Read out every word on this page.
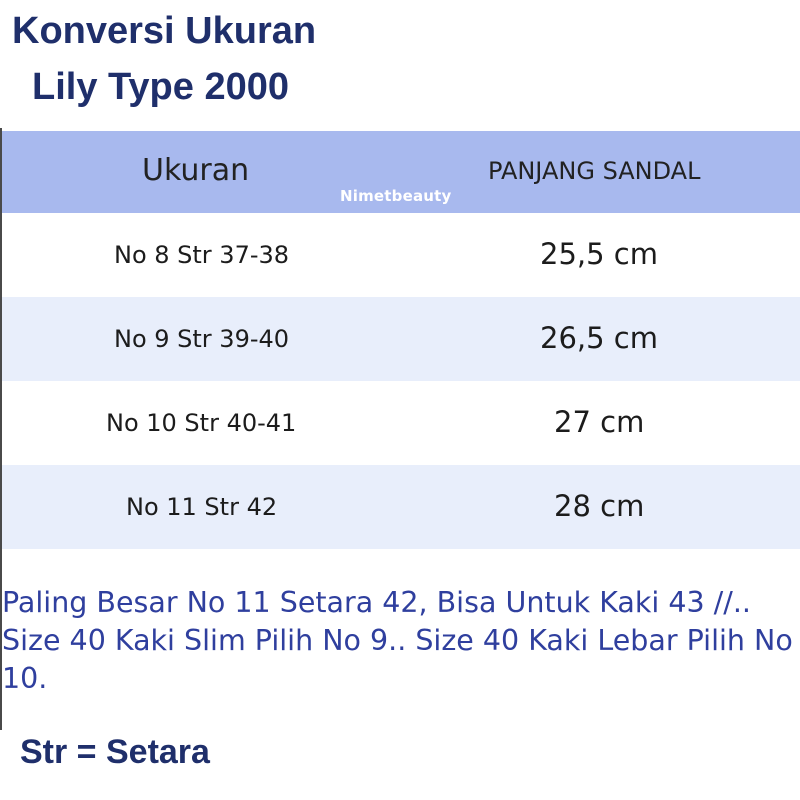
Konversi Ukuran
Lily Type 2000
Ukuran	PANJANG SANDAL
Nimetbeauty
No 8 Str 37-38	25,5 cm
No 9 Str 39-40	26,5 cm
No 10 Str 40-41	27 cm
No 11 Str 42	28 cm
Paling Besar No 11 Setara 42, Bisa Untuk Kaki 43 //.. Size 40 Kaki Slim Pilih No 9.. Size 40 Kaki Lebar Pilih No 10.
Str = Setara
